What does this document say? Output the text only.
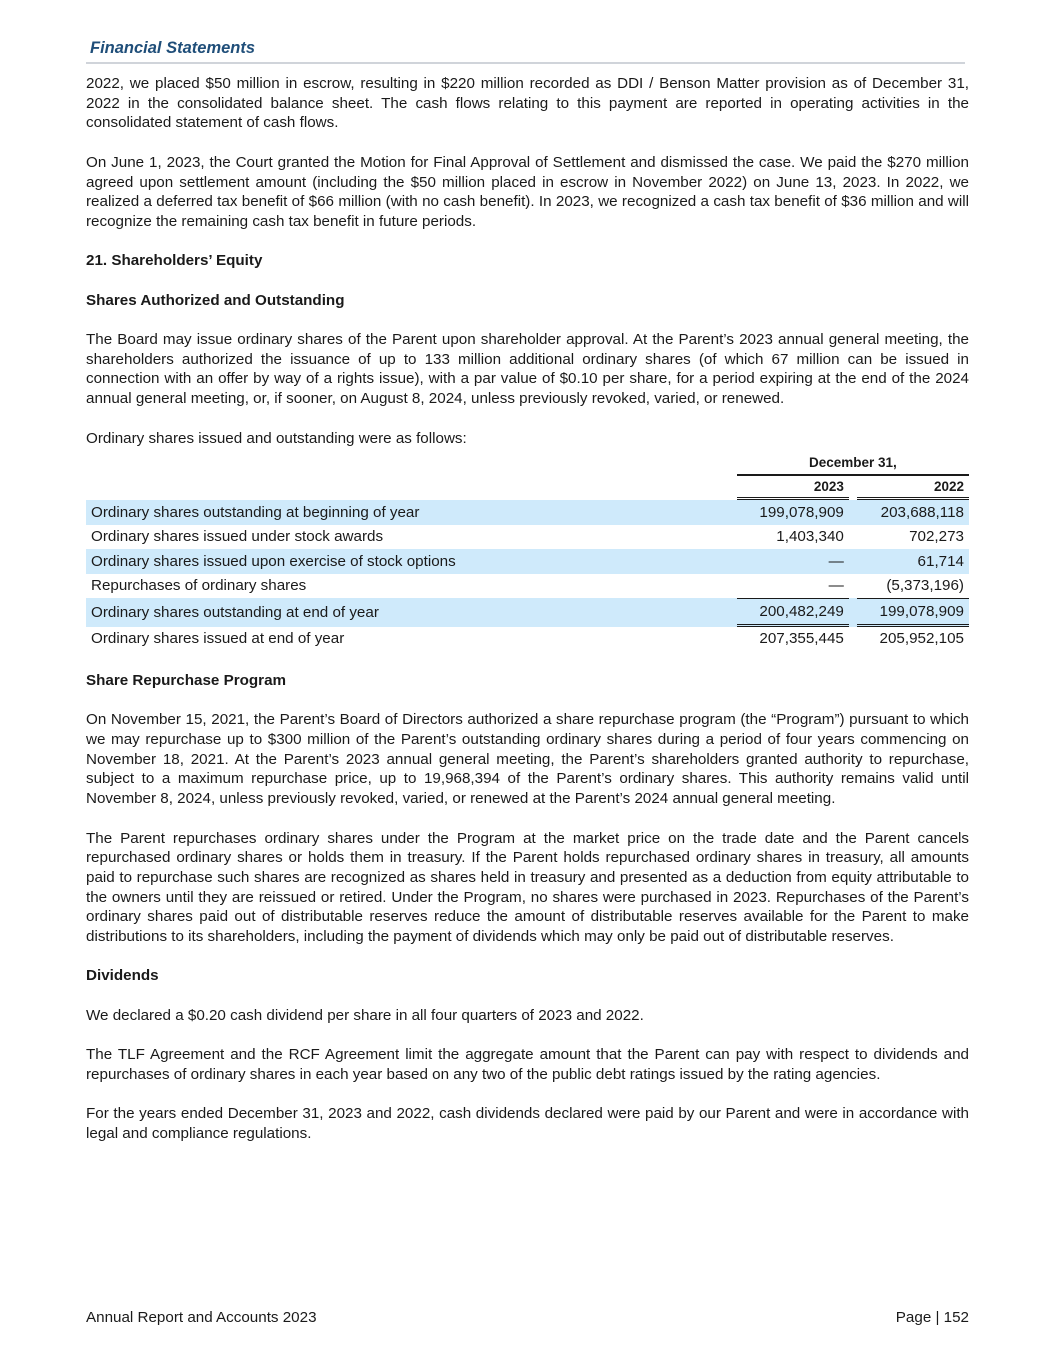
Financial Statements

2022, we placed $50 million in escrow, resulting in $220 million recorded as DDI / Benson Matter provision as of December 31, 2022 in the consolidated balance sheet. The cash flows relating to this payment are reported in operating activities in the consolidated statement of cash flows.

On June 1, 2023, the Court granted the Motion for Final Approval of Settlement and dismissed the case. We paid the $270 million agreed upon settlement amount (including the $50 million placed in escrow in November 2022) on June 13, 2023. In 2022, we realized a deferred tax benefit of $66 million (with no cash benefit). In 2023, we recognized a cash tax benefit of $36 million and will recognize the remaining cash tax benefit in future periods.

21. Shareholders’ Equity

Shares Authorized and Outstanding

The Board may issue ordinary shares of the Parent upon shareholder approval. At the Parent’s 2023 annual general meeting, the shareholders authorized the issuance of up to 133 million additional ordinary shares (of which 67 million can be issued in connection with an offer by way of a rights issue), with a par value of $0.10 per share, for a period expiring at the end of the 2024 annual general meeting, or, if sooner, on August 8, 2024, unless previously revoked, varied, or renewed.

Ordinary shares issued and outstanding were as follows:

	December 31,		
	2023		2022
Ordinary shares outstanding at beginning of year	199,078,909		203,688,118
Ordinary shares issued under stock awards	1,403,340		702,273
Ordinary shares issued upon exercise of stock options	—		61,714
Repurchases of ordinary shares	—		(5,373,196)
Ordinary shares outstanding at end of year	200,482,249		199,078,909
Ordinary shares issued at end of year	207,355,445		205,952,105

Share Repurchase Program

On November 15, 2021, the Parent’s Board of Directors authorized a share repurchase program (the “Program”) pursuant to which we may repurchase up to $300 million of the Parent’s outstanding ordinary shares during a period of four years commencing on November 18, 2021. At the Parent’s 2023 annual general meeting, the Parent’s shareholders granted authority to repurchase, subject to a maximum repurchase price, up to 19,968,394 of the Parent’s ordinary shares. This authority remains valid until November 8, 2024, unless previously revoked, varied, or renewed at the Parent’s 2024 annual general meeting.

The Parent repurchases ordinary shares under the Program at the market price on the trade date and the Parent cancels repurchased ordinary shares or holds them in treasury. If the Parent holds repurchased ordinary shares in treasury, all amounts paid to repurchase such shares are recognized as shares held in treasury and presented as a deduction from equity attributable to the owners until they are reissued or retired. Under the Program, no shares were purchased in 2023. Repurchases of the Parent’s ordinary shares paid out of distributable reserves reduce the amount of distributable reserves available for the Parent to make distributions to its shareholders, including the payment of dividends which may only be paid out of distributable reserves.

Dividends

We declared a $0.20 cash dividend per share in all four quarters of 2023 and 2022.

The TLF Agreement and the RCF Agreement limit the aggregate amount that the Parent can pay with respect to dividends and repurchases of ordinary shares in each year based on any two of the public debt ratings issued by the rating agencies.

For the years ended December 31, 2023 and 2022, cash dividends declared were paid by our Parent and were in accordance with legal and compliance regulations.

Annual Report and Accounts 2023	Page | 152
